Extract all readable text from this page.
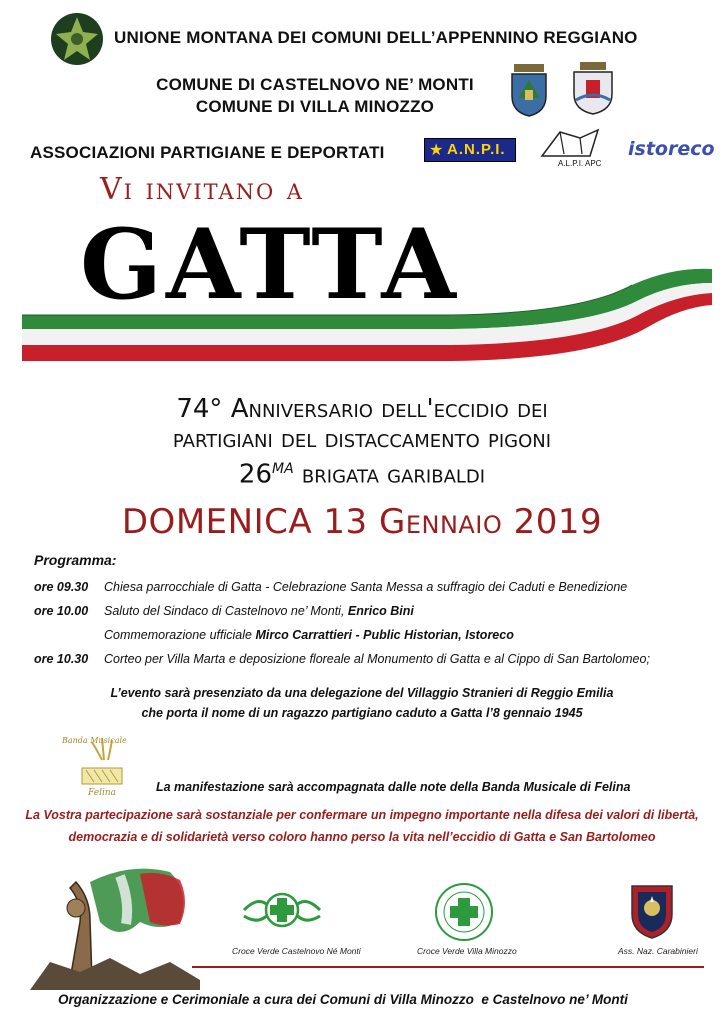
UNIONE MONTANA DEI COMUNI DELL’APPENNINO REGGIANO
COMUNE DI CASTELNOVO NE’ MONTI
COMUNE DI VILLA MINOZZO
ASSOCIAZIONI PARTIGIANE E DEPORTATI	★ A.N.P.I.
A.L.P.I. APC
istoreco
Vi invitano a
GATTA
74° Anniversario dell'eccidio dei
partigiani del distaccamento pigoni
$26^{MA}$ brigata garibaldi
DOMENICA 13 Gennaio 2019
Programma:
ore 09.30 Chiesa parrocchiale di Gatta - Celebrazione Santa Messa a suffragio dei Caduti e Benedizione
ore 10.00 Saluto del Sindaco di Castelnovo ne’ Monti, Enrico Bini
Commemorazione ufficiale Mirco Carrattieri - Public Historian, Istoreco
ore 10.30 Corteo per Villa Marta e deposizione floreale al Monumento di Gatta e al Cippo di San Bartolomeo;
L’evento sarà presenziato da una delegazione del Villaggio Stranieri di Reggio Emilia
che porta il nome di un ragazzo partigiano caduto a Gatta l’8 gennaio 1945
Banda Musicale
Felina	La manifestazione sarà accompagnata dalle note della Banda Musicale di Felina
La Vostra partecipazione sarà sostanziale per confermare un impegno importante nella difesa dei valori di libertà,
democrazia e di solidarietà verso coloro hanno perso la vita nell’eccidio di Gatta e San Bartolomeo
Croce Verde Castelnovo Né Monti	Croce Verde Villa Minozzo	Ass. Naz. Carabinieri
Organizzazione e Cerimoniale a cura dei Comuni di Villa Minozzo  e Castelnovo ne’ Monti
